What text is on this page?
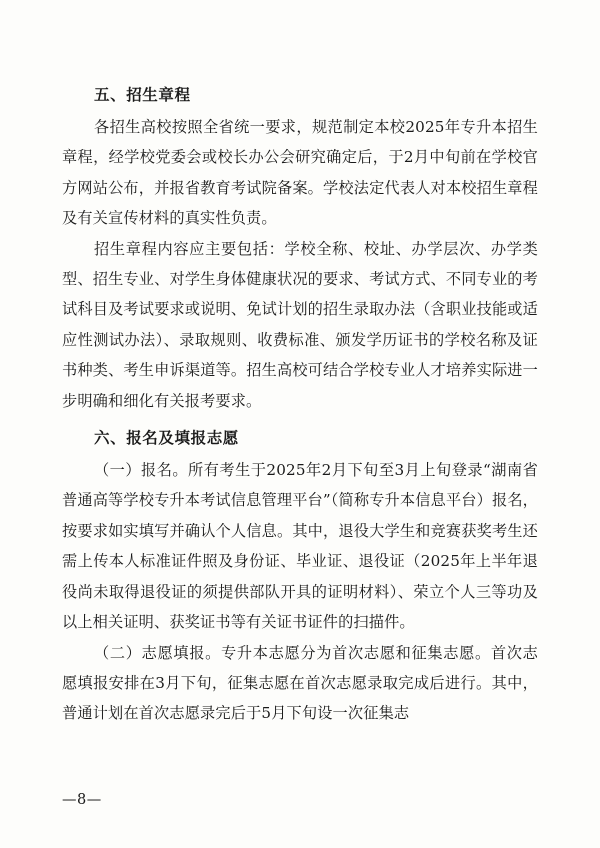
五、招生章程

各招生高校按照全省统一要求，规范制定本校2025年专升本招生章程，经学校党委会或校长办公会研究确定后，于2月中旬前在学校官方网站公布，并报省教育考试院备案。学校法定代表人对本校招生章程及有关宣传材料的真实性负责。

招生章程内容应主要包括：学校全称、校址、办学层次、办学类型、招生专业、对学生身体健康状况的要求、考试方式、不同专业的考试科目及考试要求或说明、免试计划的招生录取办法（含职业技能或适应性测试办法）、录取规则、收费标准、颁发学历证书的学校名称及证书种类、考生申诉渠道等。招生高校可结合学校专业人才培养实际进一步明确和细化有关报考要求。

六、报名及填报志愿

（一）报名。所有考生于2025年2月下旬至3月上旬登录“湖南省普通高等学校专升本考试信息管理平台”（简称专升本信息平台）报名，按要求如实填写并确认个人信息。其中，退役大学生和竞赛获奖考生还需上传本人标准证件照及身份证、毕业证、退役证（2025年上半年退役尚未取得退役证的须提供部队开具的证明材料）、荣立个人三等功及以上相关证明、获奖证书等有关证书证件的扫描件。

（二）志愿填报。专升本志愿分为首次志愿和征集志愿。首次志愿填报安排在3月下旬，征集志愿在首次志愿录取完成后进行。其中，普通计划在首次志愿录完后于5月下旬设一次征集志

—8—
